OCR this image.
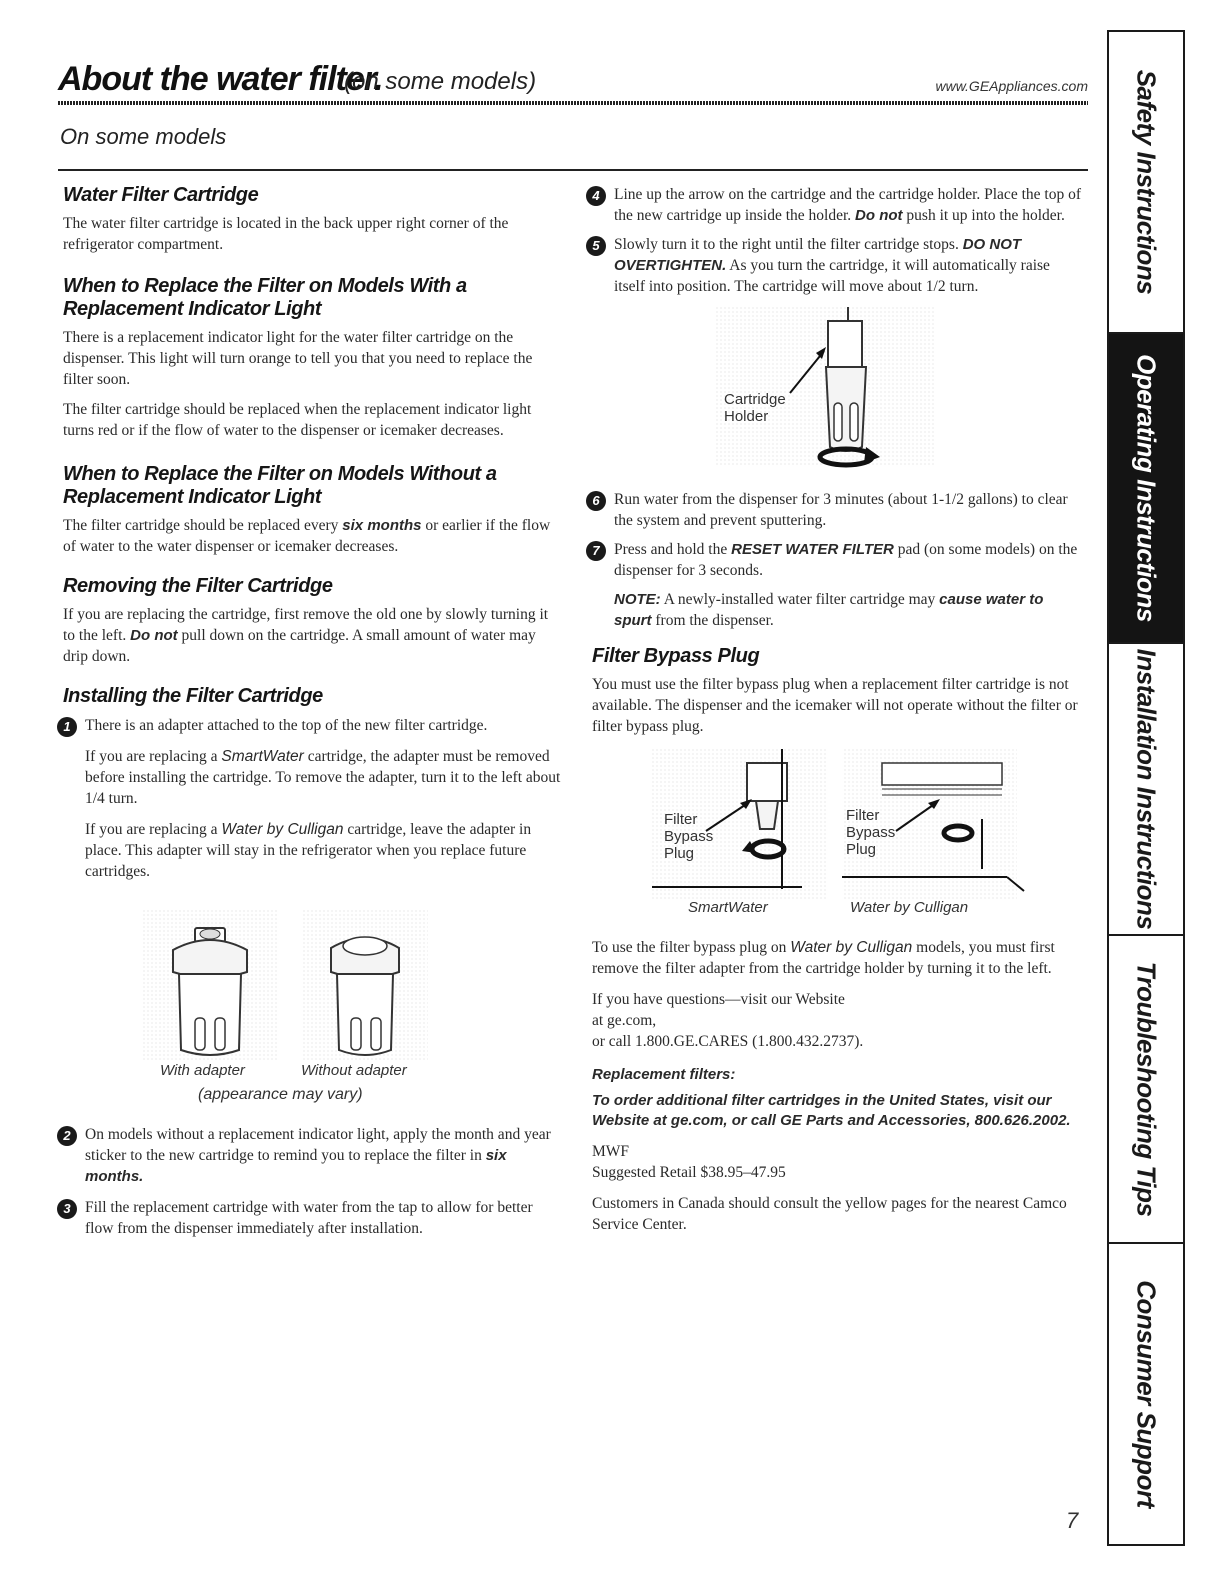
About the water filter.
(on some models)	www.GEAppliances.com
On some models
Water Filter Cartridge

The water filter cartridge is located in the back upper right corner of the refrigerator compartment.

When to Replace the Filter on Models With a Replacement Indicator Light

There is a replacement indicator light for the water filter cartridge on the dispenser. This light will turn orange to tell you that you need to replace the filter soon.

The filter cartridge should be replaced when the replacement indicator light turns red or if the flow of water to the dispenser or icemaker decreases.

When to Replace the Filter on Models Without a Replacement Indicator Light

The filter cartridge should be replaced every six months or earlier if the flow of water to the water dispenser or icemaker decreases.

Removing the Filter Cartridge

If you are replacing the cartridge, first remove the old one by slowly turning it to the left. Do not pull down on the cartridge. A small amount of water may drip down.

Installing the Filter Cartridge
1 There is an adapter attached to the top of the new filter cartridge.

If you are replacing a SmartWater cartridge, the adapter must be removed before installing the cartridge. To remove the adapter, turn it to the left about 1/4 turn.

If you are replacing a Water by Culligan cartridge, leave the adapter in place. This adapter will stay in the refrigerator when you replace future cartridges.

With adapter	Without adapter
(appearance may vary)
2 On models without a replacement indicator light, apply the month and year sticker to the new cartridge to remind you to replace the filter in six months.

3 Fill the replacement cartridge with water from the tap to allow for better flow from the dispenser immediately after installation.

4 Line up the arrow on the cartridge and the cartridge holder. Place the top of the new cartridge up inside the holder. Do not push it up into the holder.

5 Slowly turn it to the right until the filter cartridge stops. DO NOT OVERTIGHTEN. As you turn the cartridge, it will automatically raise itself into position. The cartridge will move about 1/2 turn.

Cartridge Holder
6 Run water from the dispenser for 3 minutes (about 1-1/2 gallons) to clear the system and prevent sputtering.

7 Press and hold the RESET WATER FILTER pad (on some models) on the dispenser for 3 seconds.

NOTE: A newly-installed water filter cartridge may cause water to spurt from the dispenser.

Filter Bypass Plug

You must use the filter bypass plug when a replacement filter cartridge is not available. The dispenser and the icemaker will not operate without the filter or filter bypass plug.

Filter Bypass Plug
Filter Bypass Plug
SmartWater	Water by Culligan

To use the filter bypass plug on Water by Culligan models, you must first remove the filter adapter from the cartridge holder by turning it to the left.

If you have questions—visit our Website

at ge.com,

or call 1.800.GE.CARES (1.800.432.2737).

Replacement filters:

To order additional filter cartridges in the United States, visit our Website at ge.com, or call GE Parts and Accessories, 800.626.2002.

MWF

Suggested Retail $38.95–47.95

Customers in Canada should consult the yellow pages for the nearest Camco Service Center.

Safety Instructions
Operating Instructions
Installation Instructions
Troubleshooting Tips
Consumer Support
7
